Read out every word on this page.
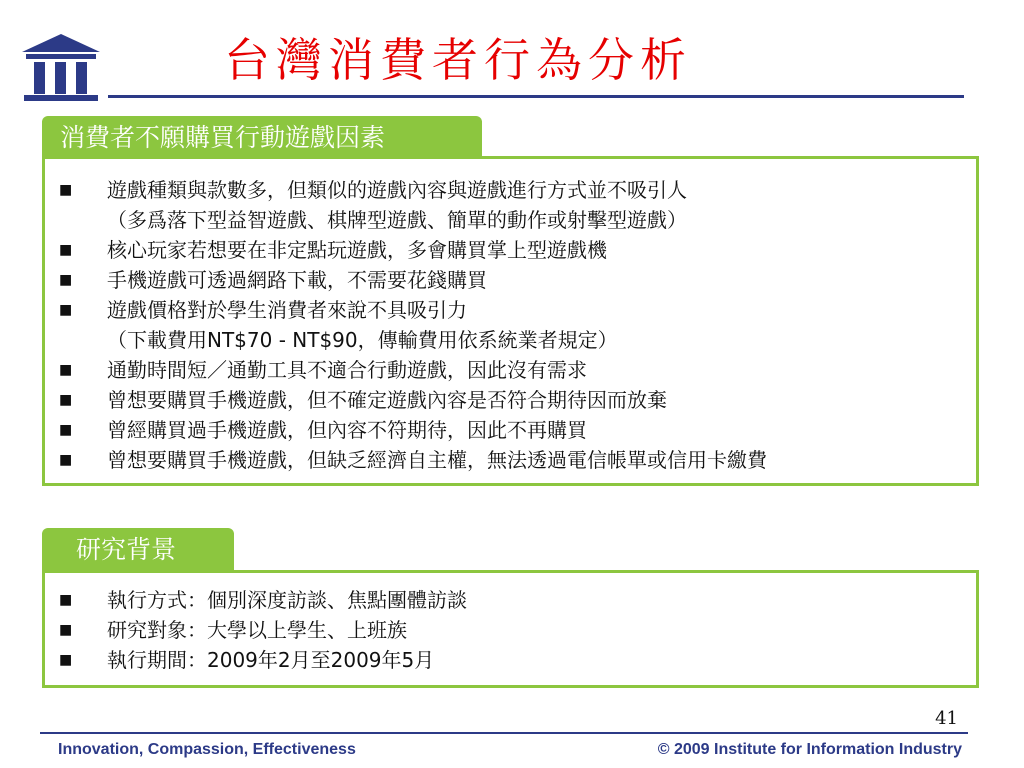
台灣消費者行為分析
消費者不願購買行動遊戲因素
■	遊戲種類與款數多，但類似的遊戲內容與遊戲進行方式並不吸引人
（多爲落下型益智遊戲、棋牌型遊戲、簡單的動作或射擊型遊戲）
■	核心玩家若想要在非定點玩遊戲，多會購買掌上型遊戲機
■	手機遊戲可透過網路下載，不需要花錢購買
■	遊戲價格對於學生消費者來說不具吸引力
（下載費用NT$70 - NT$90，傳輸費用依系統業者規定）
■	通勤時間短／通勤工具不適合行動遊戲，因此沒有需求
■	曾想要購買手機遊戲，但不確定遊戲內容是否符合期待因而放棄
■	曾經購買過手機遊戲，但內容不符期待，因此不再購買
■	曾想要購買手機遊戲，但缺乏經濟自主權，無法透過電信帳單或信用卡繳費
研究背景
■	執行方式：個別深度訪談、焦點團體訪談
■	研究對象：大學以上學生、上班族
■	執行期間：2009年2月至2009年5月
41
Innovation, Compassion, Effectiveness	© 2009 Institute for Information Industry
